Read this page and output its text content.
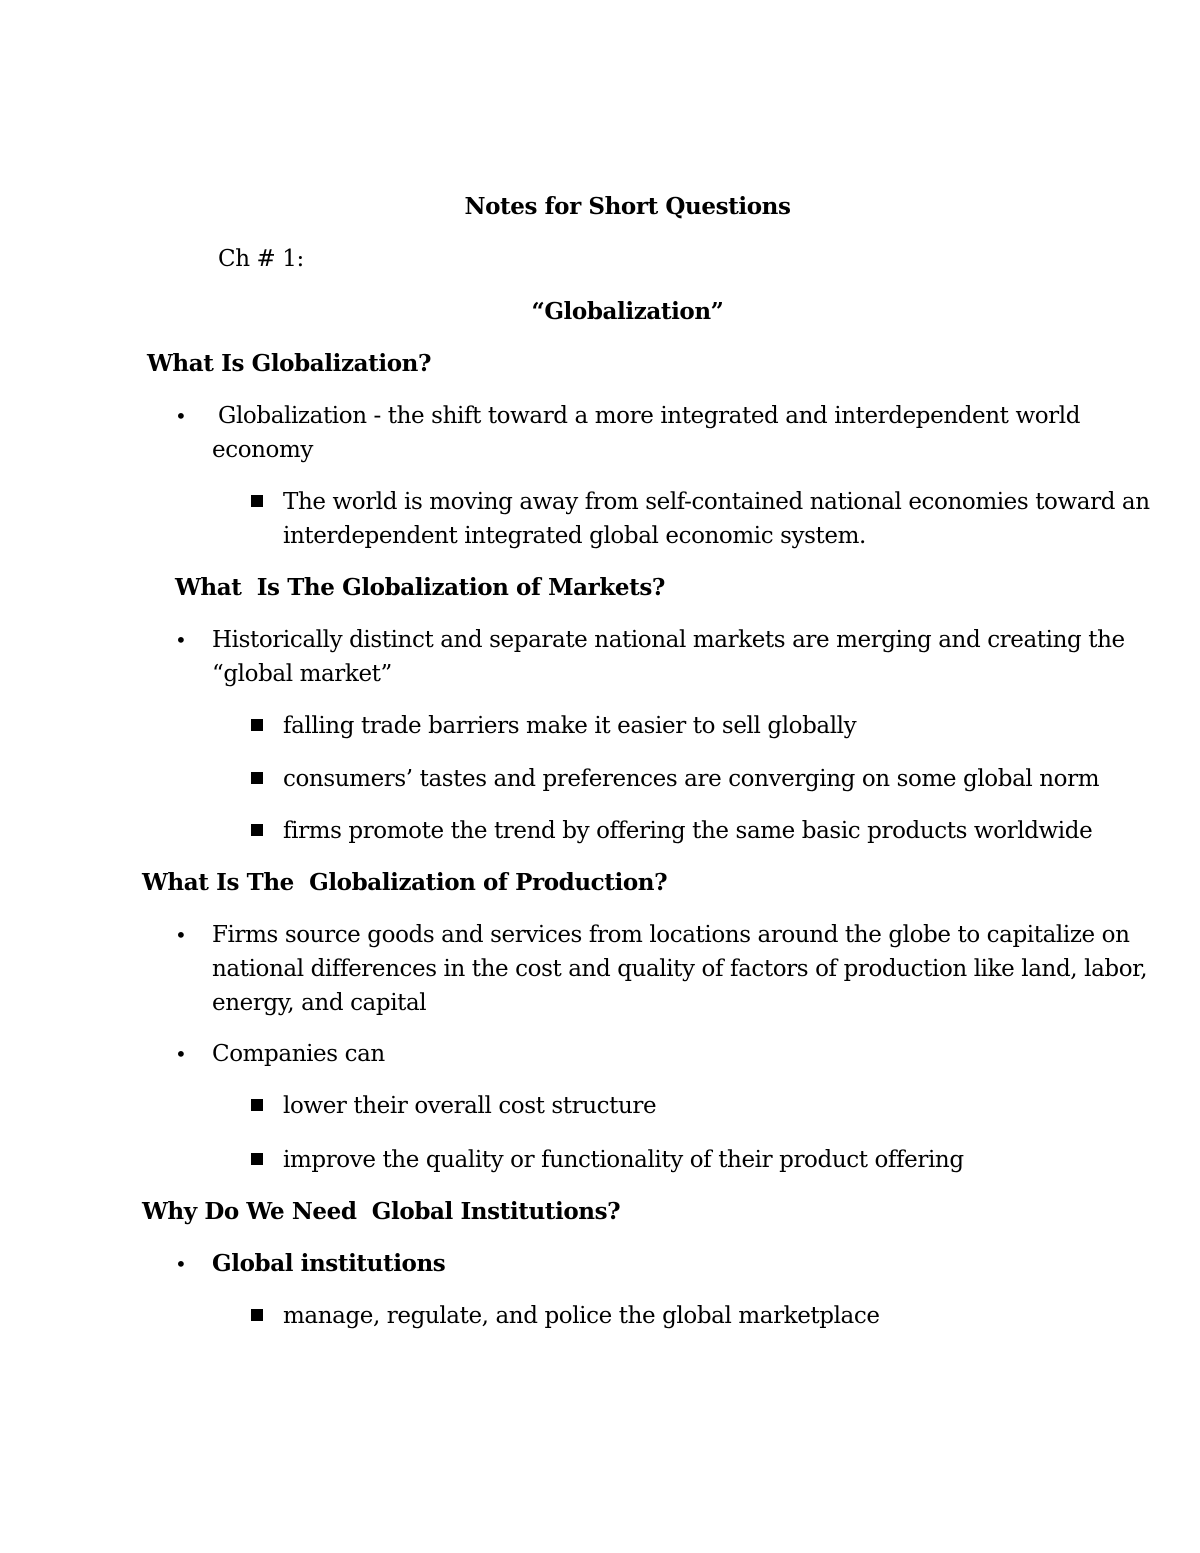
Notes for Short Questions
Ch # 1:
“Globalization”
What Is Globalization?
• Globalization - the shift toward a more integrated and interdependent world
economy
The world is moving away from self-contained national economies toward an
interdependent integrated global economic system.
What  Is The Globalization of Markets?
• Historically distinct and separate national markets are merging and creating the
“global market”
falling trade barriers make it easier to sell globally
consumers’ tastes and preferences are converging on some global norm
firms promote the trend by offering the same basic products worldwide
What Is The  Globalization of Production?
• Firms source goods and services from locations around the globe to capitalize on
national differences in the cost and quality of factors of production like land, labor,
energy, and capital
• Companies can
lower their overall cost structure
improve the quality or functionality of their product offering
Why Do We Need  Global Institutions?
• Global institutions
manage, regulate, and police the global marketplace
